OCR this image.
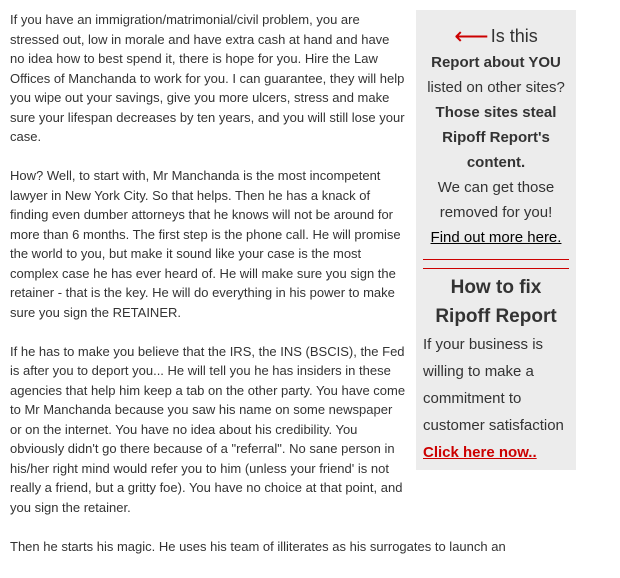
⟵ Is this
Report about YOU
listed on other sites?
Those sites steal
Ripoff Report's
content.
We can get those
removed for you!
Find out more here.
How to fix
Ripoff Report
If your business is
willing to make a
commitment to
customer satisfaction
Click here now..

If you have an immigration/matrimonial/civil problem, you are stressed out, low in morale and have extra cash at hand and have no idea how to best spend it, there is hope for you. Hire the Law Offices of Manchanda to work for you. I can guarantee, they will help you wipe out your savings, give you more ulcers, stress and make sure your lifespan decreases by ten years, and you will still lose your case.

How? Well, to start with, Mr Manchanda is the most incompetent lawyer in New York City. So that helps. Then he has a knack of finding even dumber attorneys that he knows will not be around for more than 6 months. The first step is the phone call. He will promise the world to you, but make it sound like your case is the most complex case he has ever heard of. He will make sure you sign the retainer - that is the key. He will do everything in his power to make sure you sign the RETAINER.

If he has to make you believe that the IRS, the INS (BSCIS), the Fed is after you to deport you... He will tell you he has insiders in these agencies that help him keep a tab on the other party. You have come to Mr Manchanda because you saw his name on some newspaper or on the internet. You have no idea about his credibility. You obviously didn't go there because of a "referral". No sane person in his/her right mind would refer you to him (unless your friend' is not really a friend, but a gritty foe). You have no choice at that point, and you sign the retainer.

Then he starts his magic. He uses his team of illiterates as his surrogates to launch an
